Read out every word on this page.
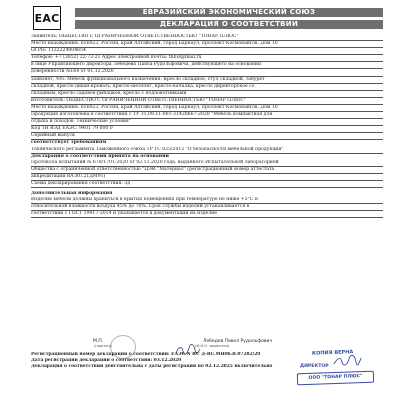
EAC	ЕВРАЗИЙСКИЙ ЭКОНОМИЧЕСКИЙ СОЮЗ
ДЕКЛАРАЦИЯ О СООТВЕТСТВИИ
Заявитель: ОБЩЕСТВО С ОГРАНИЧЕННОЙ ОТВЕТСТВЕННОСТЬЮ "ТОНАР ПЛЮС"
Место нахождения: 656023, Россия, край Алтайский, город Барнаул, проспект Космонавтов, Дом 10
ОГРН: 1122224004654
Телефон: +7 (3852) 22-72-21 Адрес электронной почты: tnbiz@mail.ru
в лице Управляющего директора Лебедева Павла Рудольфовича, действующего на основании
доверенности №164 от 01.12.2020
заявляет, что: Мебель функционального назначения: Кресло складное, стул складной, табурет
складной, кресло-диван-кровать, кресло-шезлонг, кресло-качалка, кресло директорское со
складным, кресло садовое-рыбацкое, кресло с подлокотниками
изготовитель: ОБЩЕСТВО С ОГРАНИЧЕННОЙ ОТВЕТСТВЕННОСТЬЮ "ТОНАР ПЛЮС"
Место нахождения: 656023, Россия, край Алтайский, город Барнаул, проспект Космонавтов, Дом 10
Продукция изготовлена в соответствии с ТУ 31.09.11-001-31428667-2020 "Мебель компактная для
отдыха и походов. Технические условия"
Код ТН ВЭД ЕАЭС: 9401 79 000 0
Серийный выпуск
соответствует требованиям
Технического регламента Таможенного союза ТР ТС 025/2012 "О безопасности мебельной продукции"
Декларация о соответствии принята на основании
Протокола испытаний № 678/1701-2020 от 02.11.2020 года, выданного Испытательной лабораторией
Общества с ограниченной ответственностью "ЦЭИ "Материал" (регистрационный номер аттестата
аккредитации RA.RU.21ДМ91)
Схема декларирования соответствия: 3д
Дополнительная информация
Изделия мебели должны храниться в крытых помещениях при температуре не ниже +5°С и
относительной влажности воздуха 45% до 70%. Срок службы изделий устанавливается в
соответствии с ГОСТ 19917-2014 и указывается в документации на изделие
М.П.
(подпись)
Лебедев Павел Рудольфович
(Ф.И.О. заявителя)
Регистрационный номер декларации о соответствии: ЕАЭС N RU Д-RU.МН06.В.07282/20
Дата регистрации декларации о соответствии: 03.12.2020
Декларация о соответствии действительна с даты регистрации по 02.12.2025 включительно
КОПИЯ ВЕРНА
ДИРЕКТОР
ООО "ТОНАР ПЛЮС"
